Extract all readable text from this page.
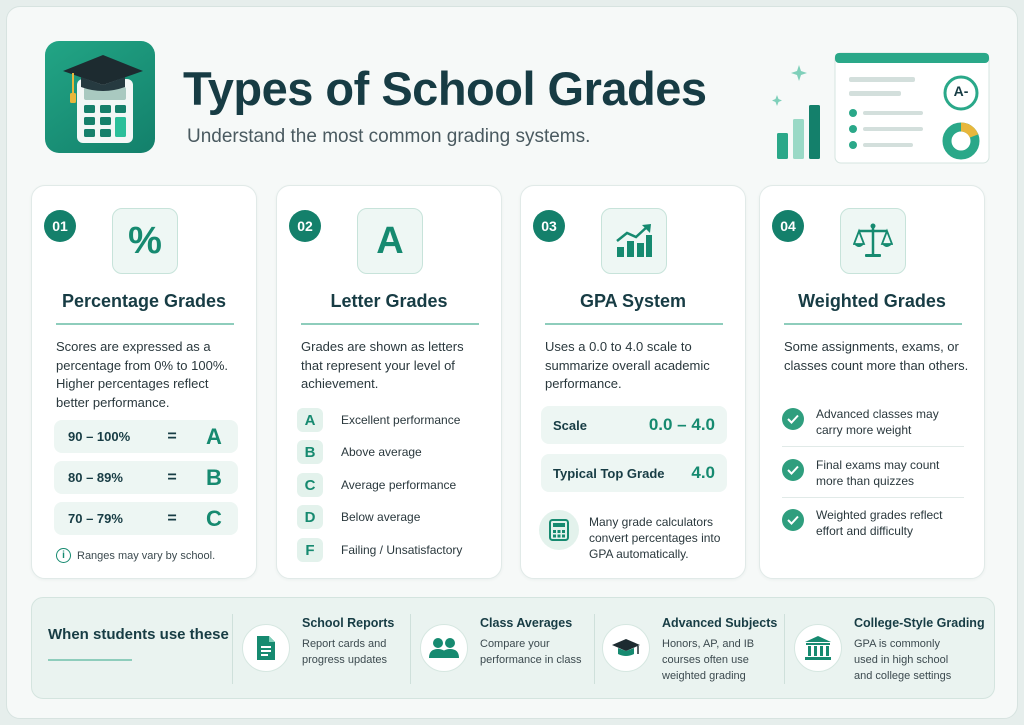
Types of School Grades
Understand the most common grading systems.
A-
01	%
Percentage Grades
Scores are expressed as a percentage from 0% to 100%. Higher percentages reflect better performance.
90 – 100%	=	A
80 – 89%	=	B
70 – 79%	=	C
i	Ranges may vary by school.
02	A
Letter Grades
Grades are shown as letters that represent your level of achievement.
A	Excellent performance
B	Above average
C	Average performance
D	Below average
F	Failing / Unsatisfactory
03
GPA System
Uses a 0.0 to 4.0 scale to summarize overall academic performance.
Scale	0.0 – 4.0
Typical Top Grade	4.0
Many grade calculators convert percentages into GPA automatically.
04
Weighted Grades
Some assignments, exams, or classes count more than others.
Advanced classes may carry more weight
Final exams may count more than quizzes
Weighted grades reflect effort and difficulty
When students use these
School Reports
Report cards and progress updates
Class Averages
Compare your performance in class
Advanced Subjects
Honors, AP, and IB courses often use weighted grading
College-Style Grading
GPA is commonly used in high school and college settings
